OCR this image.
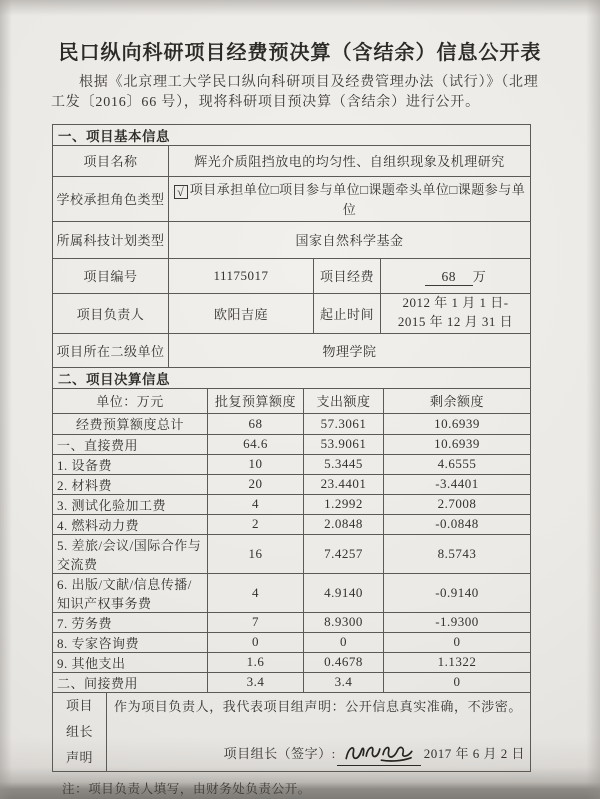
民口纵向科研项目经费预决算（含结余）信息公开表

根据《北京理工大学民口纵向科研项目及经费管理办法（试行）》（北理工发〔2016〕66 号），现将科研项目预决算（含结余）进行公开。

一、项目基本信息			
项目名称	辉光介质阻挡放电的均匀性、自组织现象及机理研究		
学校承担角色类型	√ 项目承担单位□项目参与单位□课题牵头单位□课题参与单位		
所属科技计划类型	国家自然科学基金		
项目编号	11175017	项目经费	68 万
项目负责人	欧阳吉庭	起止时间	2012 年 1 月 1 日-
2015 年 12 月 31 日

项目所在二级单位	物理学院		
二、项目决算信息			
单位：万元	批复预算额度	支出额度	剩余额度
经费预算额度总计	68	57.3061	10.6939
一、直接费用	64.6	53.9061	10.6939
1. 设备费	10	5.3445	4.6555
2. 材料费	20	23.4401	-3.4401
3. 测试化验加工费	4	1.2992	2.7008
4. 燃料动力费	2	2.0848	-0.0848
5. 差旅/会议/国际合作与交流费	16	7.4257	8.5743
6. 出版/文献/信息传播/知识产权事务费	4	4.9140	-0.9140
7. 劳务费	7	8.9300	-1.9300
8. 专家咨询费	0	0	0
9. 其他支出	1.6	0.4678	1.1322
二、间接费用	3.4	3.4	0
项目组长声明	
作为项目负责人，我代表项目组声明：公开信息真实准确，不涉密。
项目组长（签字）:	2017 年 6 月 2 日

注：项目负责人填写，由财务处负责公开。
